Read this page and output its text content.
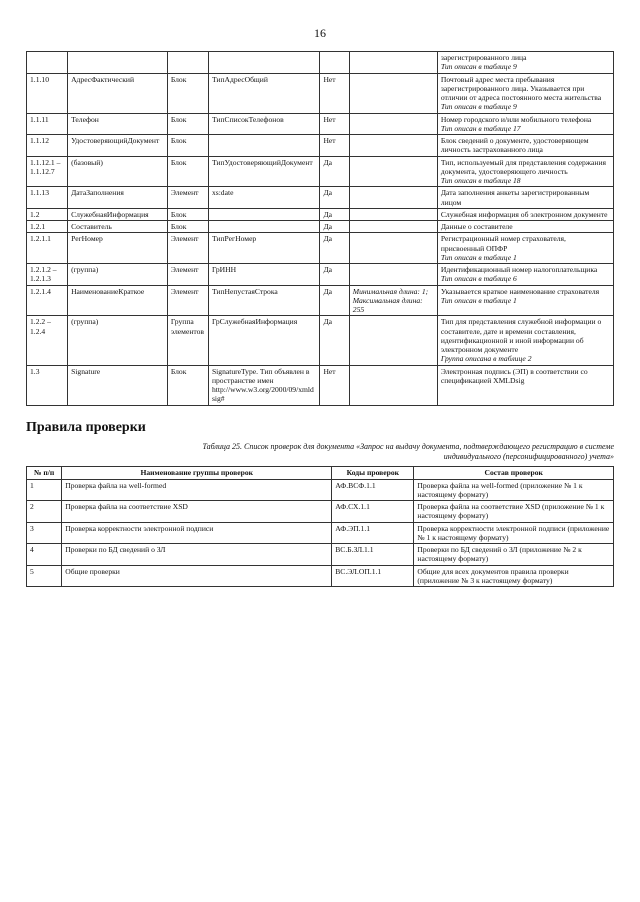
16

						зарегистрированного лица
Тип описан в таблице 9

1.1.10	АдресФактический	Блок	ТипАдресОбщий	Нет		Почтовый адрес места пребывания зарегистрированного лица. Указывается при отличии от адреса постоянного места жительства
Тип описан в таблице 9

1.1.11	Телефон	Блок	ТипСписокТелефонов	Нет		Номер городского и/или мобильного телефона
Тип описан в таблице 17

1.1.12	УдостоверяющийДокумент	Блок		Нет		Блок сведений о документе, удостоверяющем личность застрахованного лица

1.1.12.1 – 1.1.12.7	(базовый)	Блок	ТипУдостоверяющийДокумент	Да		Тип, используемый для представления содержания документа, удостоверяющего личность
Тип описан в таблице 18

1.1.13	ДатаЗаполнения	Элемент	xs:date	Да		Дата заполнения анкеты зарегистрированным лицом

1.2	СлужебнаяИнформация	Блок		Да		Служебная информация об электронном документе

1.2.1	Составитель	Блок		Да		Данные о составителе

1.2.1.1	РегНомер	Элемент	ТипРегНомер	Да		Регистрационный номер страхователя, присвоенный ОПФР
Тип описан в таблице 1

1.2.1.2 – 1.2.1.3	(группа)	Элемент	ГрИНН	Да		Идентификационный номер налогоплательщика
Тип описан в таблице 6

1.2.1.4	НаименованиеКраткое	Элемент	ТипНепустаяСтрока	Да	Минимальная длина: 1; Максимальная длина: 255	Указывается краткое наименование страхователя
Тип описан в таблице 1

1.2.2 – 1.2.4	(группа)	Группа элементов	ГрСлужебнаяИнформация	Да		Тип для представления служебной информации о составителе, дате и времени составления, идентификационной и иной информации об электронном документе
Группа описана в таблице 2

1.3	Signature	Блок	SignatureType. Тип объявлен в пространстве имен http://www.w3.org/2000/09/xmldsig#	Нет		Электронная подпись (ЭП) в соответствии со спецификацией XMLDsig
Правила проверки
Таблица 25. Список проверок для документа «Запрос на выдачу документа, подтверждающего регистрацию в системе индивидуального (персонифицированного) учета»
№ п/п	Наименование группы проверок	Коды проверок	Состав проверок
1	Проверка файла на well-formed	АФ.ВСФ.1.1	Проверка файла на well-formed (приложение № 1 к настоящему формату)
2	Проверка файла на соответствие XSD	АФ.СХ.1.1	Проверка файла на соответствие XSD (приложение № 1 к настоящему формату)
3	Проверка корректности электронной подписи	АФ.ЭП.1.1	Проверка корректности электронной подписи (приложение № 1 к настоящему формату)
4	Проверки по БД сведений о ЗЛ	ВС.Б.ЗЛ.1.1	Проверки по БД сведений о ЗЛ (приложение № 2 к настоящему формату)
5	Общие проверки	ВС.ЭЛ.ОП.1.1	Общие для всех документов правила проверки (приложение № 3 к настоящему формату)
